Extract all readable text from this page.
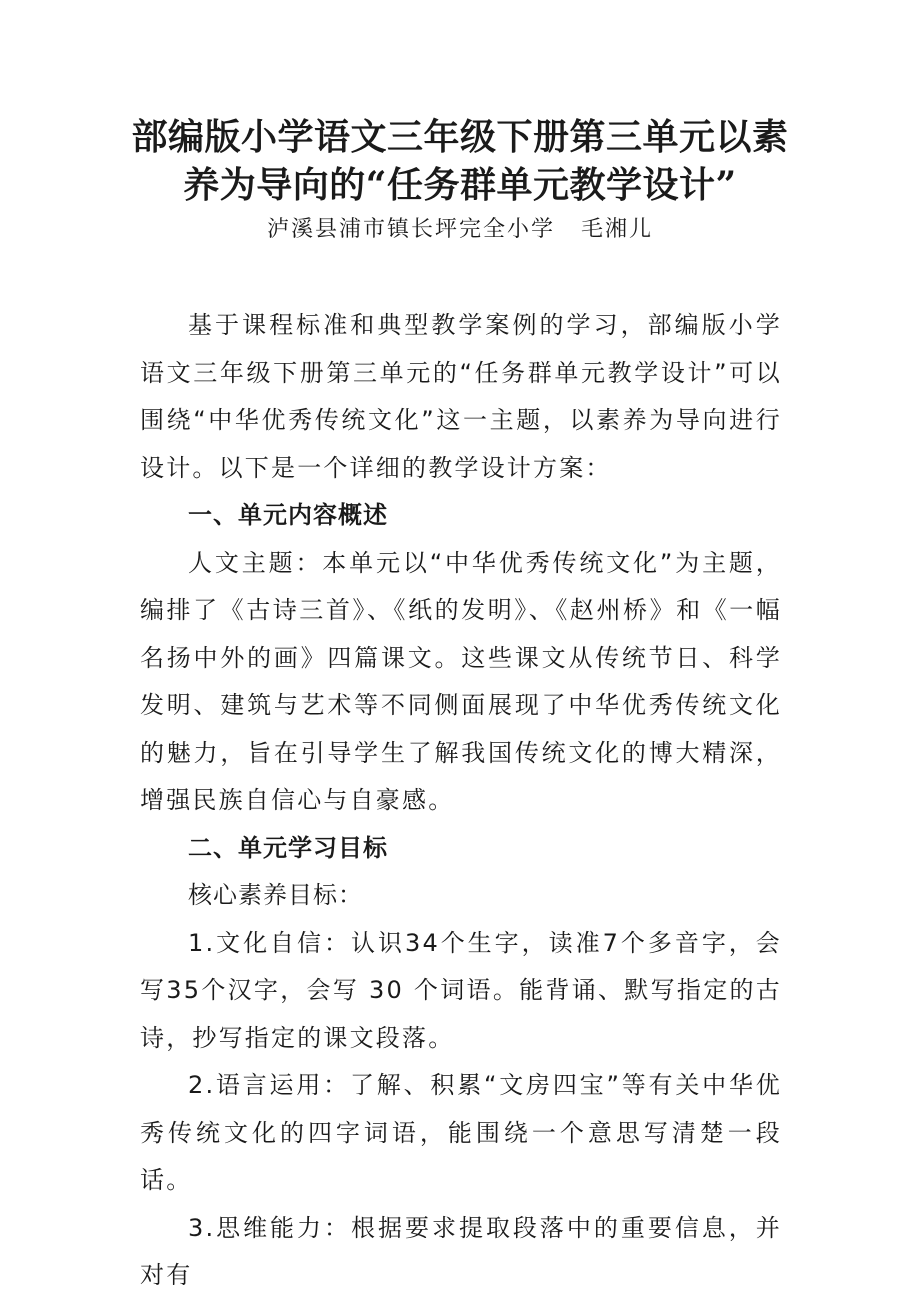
部编版小学语文三年级下册第三单元以素
养为导向的“任务群单元教学设计”
泸溪县浦市镇长坪完全小学 毛湘儿

基于课程标准和典型教学案例的学习，部编版小学语文三年级下册第三单元的“任务群单元教学设计”可以围绕“中华优秀传统文化”这一主题，以素养为导向进行设计。以下是一个详细的教学设计方案：

一、单元内容概述

人文主题：本单元以“中华优秀传统文化”为主题，编排了《古诗三首》、《纸的发明》、《赵州桥》和《一幅名扬中外的画》四篇课文。这些课文从传统节日、科学发明、建筑与艺术等不同侧面展现了中华优秀传统文化的魅力，旨在引导学生了解我国传统文化的博大精深，增强民族自信心与自豪感。

二、单元学习目标

核心素养目标：

1.文化自信：认识34个生字，读准7个多音字，会写35个汉字，会写 30 个词语。能背诵、默写指定的古诗，抄写指定的课文段落。

2.语言运用：了解、积累“文房四宝”等有关中华优秀传统文化的四字词语，能围绕一个意思写清楚一段话。

3.思维能力：根据要求提取段落中的重要信息，并对有
